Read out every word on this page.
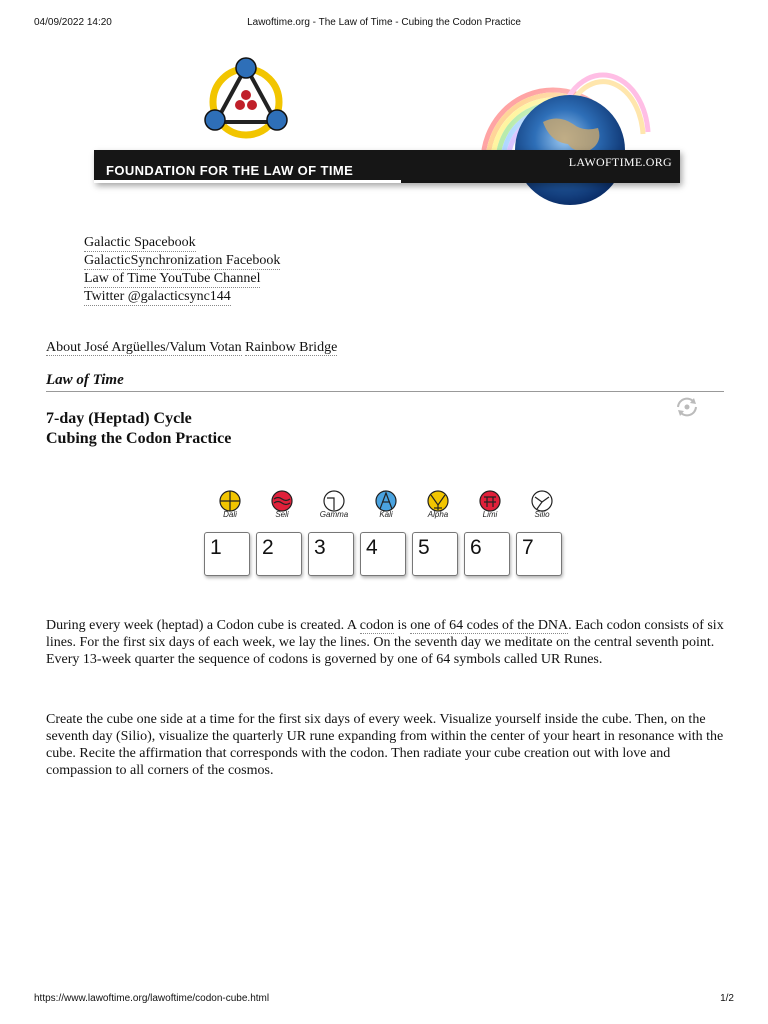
04/09/2022 14:20	Lawoftime.org - The Law of Time - Cubing the Codon Practice
FOUNDATION FOR THE LAW OF TIME
LAWOFTIME.ORG
Galactic Spacebook
GalacticSynchronization Facebook
Law of Time YouTube Channel
Twitter @galacticsync144
About José Argüelles/Valum Votan Rainbow Bridge
Law of Time
7-day (Heptad) Cycle
Cubing the Codon Practice
Dali	Seli	Gamma	Kali	Alpha	Limi	Silio
1 2 3 4 5 6 7
During every week (heptad) a Codon cube is created. A codon is one of 64 codes of the DNA. Each codon consists of six lines. For the first six days of each week, we lay the lines. On the seventh day we meditate on the central seventh point. Every 13-week quarter the sequence of codons is governed by one of 64 symbols called UR Runes.
Create the cube one side at a time for the first six days of every week. Visualize yourself inside the cube. Then, on the seventh day (Silio), visualize the quarterly UR rune expanding from within the center of your heart in resonance with the cube. Recite the affirmation that corresponds with the codon. Then radiate your cube creation out with love and compassion to all corners of the cosmos.
https://www.lawoftime.org/lawoftime/codon-cube.html	1/2
